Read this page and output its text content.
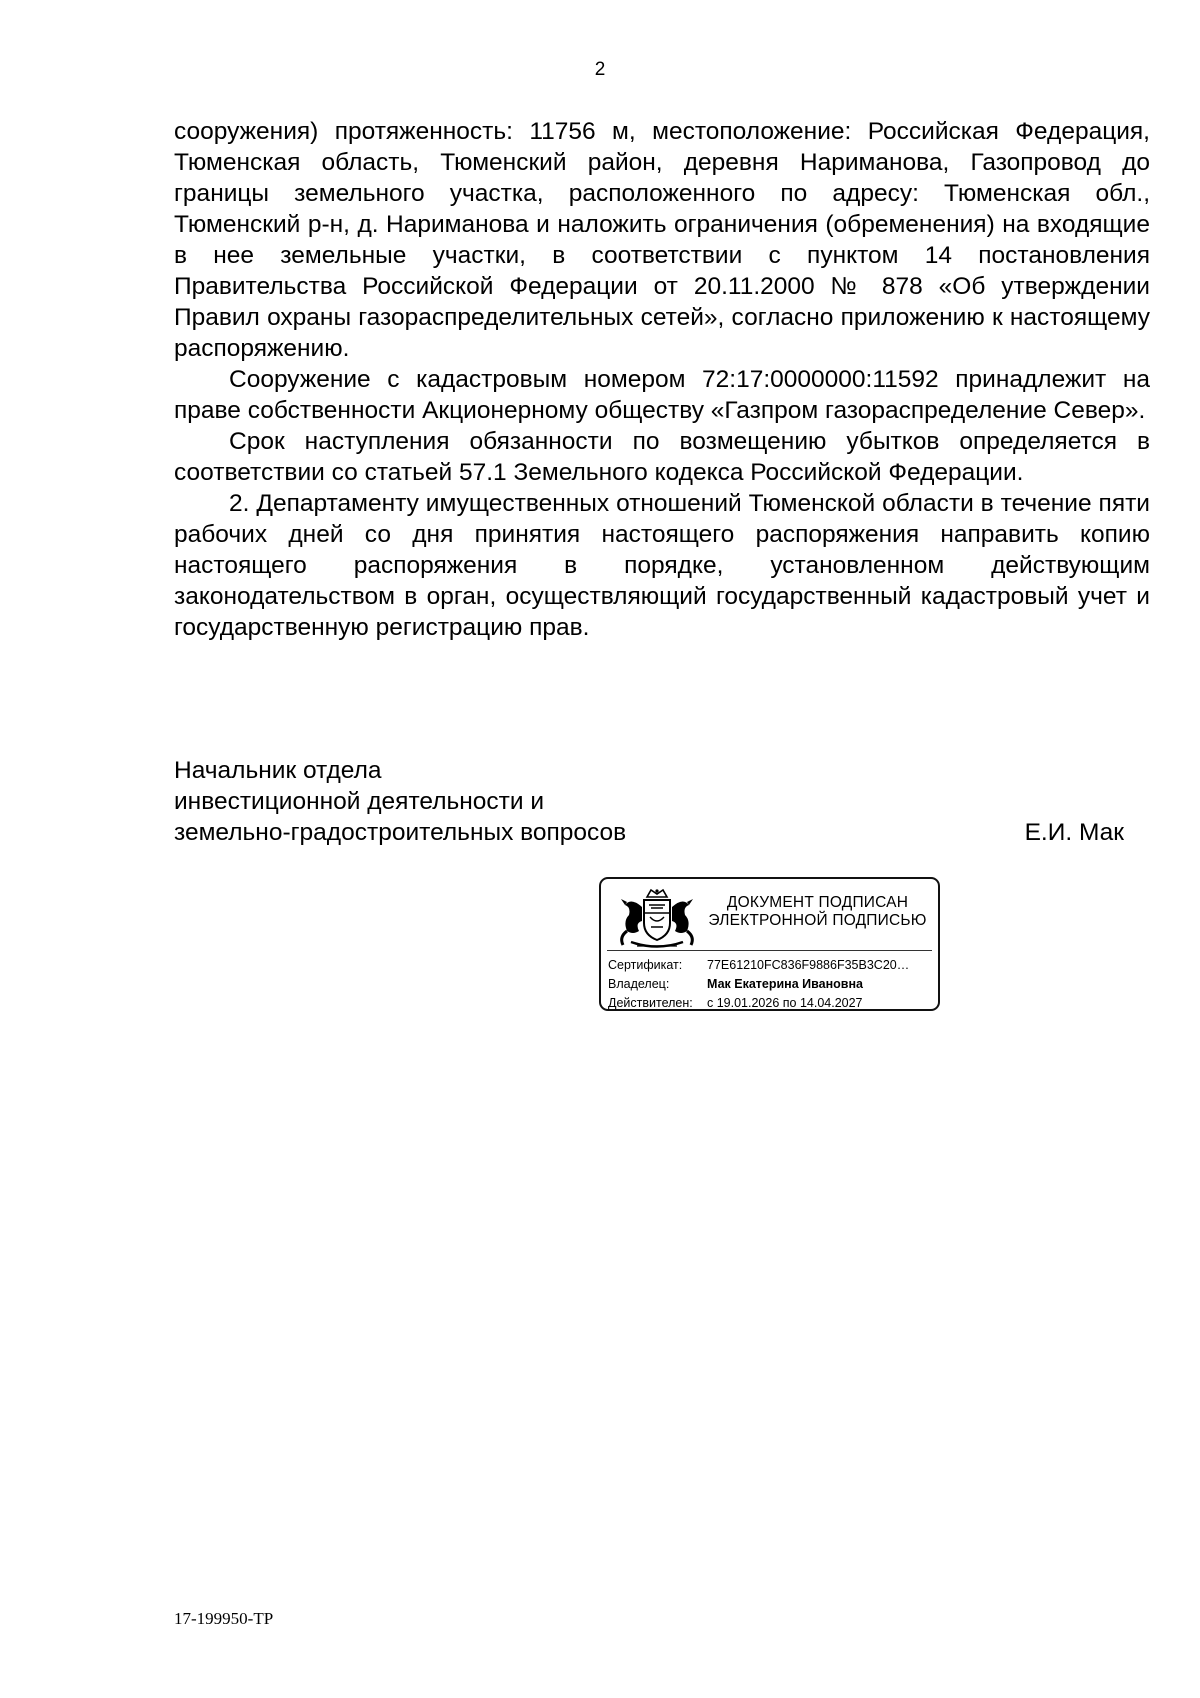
2

сооружения) протяженность: 11756 м, местоположение: Российская Федерация, Тюменская область, Тюменский район, деревня Нариманова, Газопровод до границы земельного участка, расположенного по адресу: Тюменская обл., Тюменский р-н, д. Нариманова и наложить ограничения (обременения) на входящие в нее земельные участки, в соответствии с пунктом 14 постановления Правительства Российской Федерации от 20.11.2000 № 878 «Об утверждении Правил охраны газораспределительных сетей», согласно приложению к настоящему распоряжению.

Сооружение с кадастровым номером 72:17:0000000:11592 принадлежит на праве собственности Акционерному обществу «Газпром газораспределение Север».

Срок наступления обязанности по возмещению убытков определяется в соответствии со статьей 57.1 Земельного кодекса Российской Федерации.

2. Департаменту имущественных отношений Тюменской области в течение пяти рабочих дней со дня принятия настоящего распоряжения направить копию настоящего распоряжения в порядке, установленном действующим законодательством в орган, осуществляющий государственный кадастровый учет и государственную регистрацию прав.

Начальник отдела
инвестиционной деятельности и
земельно-градостроительных вопросов	Е.И. Мак
ДОКУМЕНТ ПОДПИСАН
ЭЛЕКТРОННОЙ ПОДПИСЬЮ
Сертификат: 77E61210FC836F9886F35B3C20…
Владелец:	Мак Екатерина Ивановна
Действителен: с 19.01.2026 по 14.04.2027
17-199950-ТР
